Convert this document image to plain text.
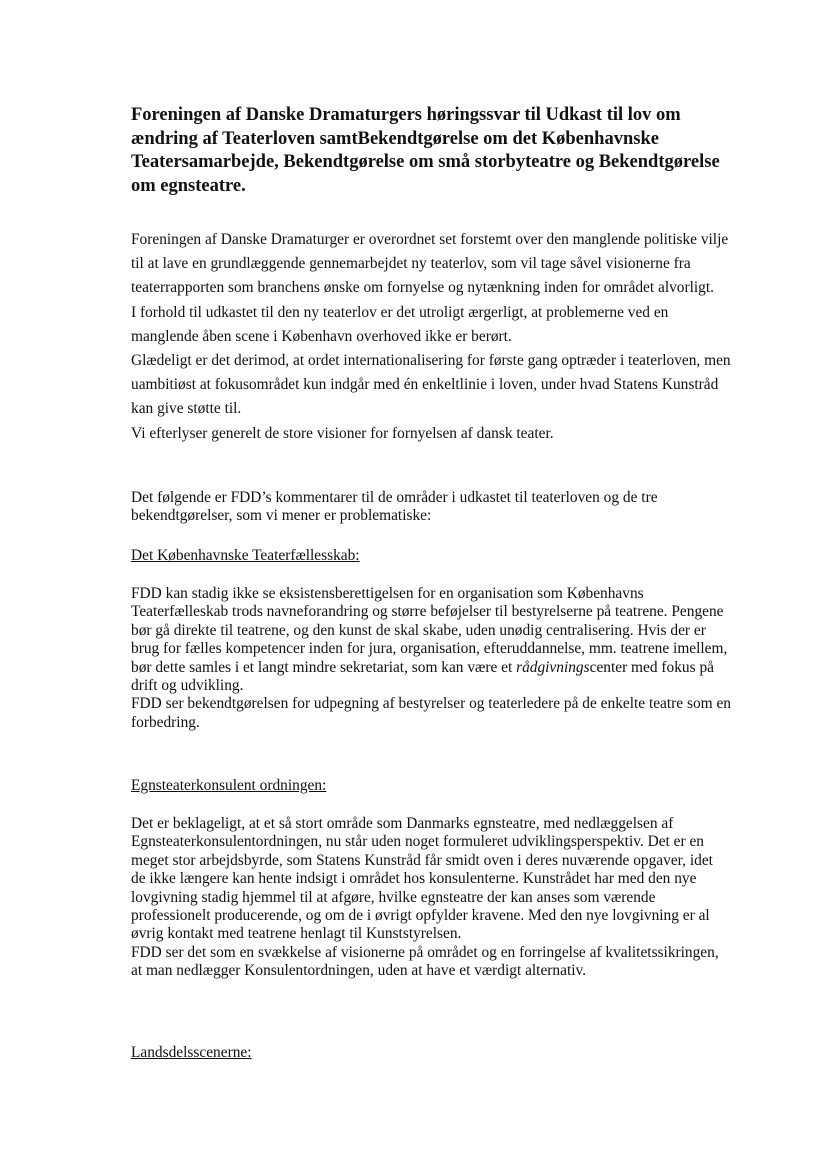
Foreningen af Danske Dramaturgers høringssvar til Udkast til lov om ændring af Teaterloven samtBekendtgørelse om det Københavnske Teatersamarbejde, Bekendtgørelse om små storbyteatre og Bekendtgørelse om egnsteatre.

Foreningen af Danske Dramaturger er overordnet set forstemt over den manglende politiske vilje til at lave en grundlæggende gennemarbejdet ny teaterlov, som vil tage såvel visionerne fra teaterrapporten som branchens ønske om fornyelse og nytænkning inden for området alvorligt.

I forhold til udkastet til den ny teaterlov er det utroligt ærgerligt, at problemerne ved en manglende åben scene i København overhoved ikke er berørt.

Glædeligt er det derimod, at ordet internationalisering for første gang optræder i teaterloven, men uambitiøst at fokusområdet kun indgår med én enkeltlinie i loven, under hvad Statens Kunstråd kan give støtte til.

Vi efterlyser generelt de store visioner for fornyelsen af dansk teater.

Det følgende er FDD’s kommentarer til de områder i udkastet til teaterloven og de tre bekendtgørelser, som vi mener er problematiske:

Det Københavnske Teaterfællesskab:

FDD kan stadig ikke se eksistensberettigelsen for en organisation som Københavns Teaterfælleskab trods navneforandring og større beføjelser til bestyrelserne på teatrene. Pengene bør gå direkte til teatrene, og den kunst de skal skabe, uden unødig centralisering. Hvis der er brug for fælles kompetencer inden for jura, organisation, efteruddannelse, mm. teatrene imellem, bør dette samles i et langt mindre sekretariat, som kan være et rådgivningscenter med fokus på drift og udvikling.
FDD ser bekendtgørelsen for udpegning af bestyrelser og teaterledere på de enkelte teatre som en forbedring.

Egnsteaterkonsulent ordningen:

Det er beklageligt, at et så stort område som Danmarks egnsteatre, med nedlæggelsen af Egnsteaterkonsulentordningen, nu står uden noget formuleret udviklingsperspektiv. Det er en meget stor arbejdsbyrde, som Statens Kunstråd får smidt oven i deres nuværende opgaver, idet de ikke længere kan hente indsigt i området hos konsulenterne. Kunstrådet har med den nye lovgivning stadig hjemmel til at afgøre, hvilke egnsteatre der kan anses som værende professionelt producerende, og om de i øvrigt opfylder kravene. Med den nye lovgivning er al øvrig kontakt med teatrene henlagt til Kunststyrelsen.
FDD ser det som en svækkelse af visionerne på området og en forringelse af kvalitetssikringen, at man nedlægger Konsulentordningen, uden at have et værdigt alternativ.

Landsdelsscenerne:
